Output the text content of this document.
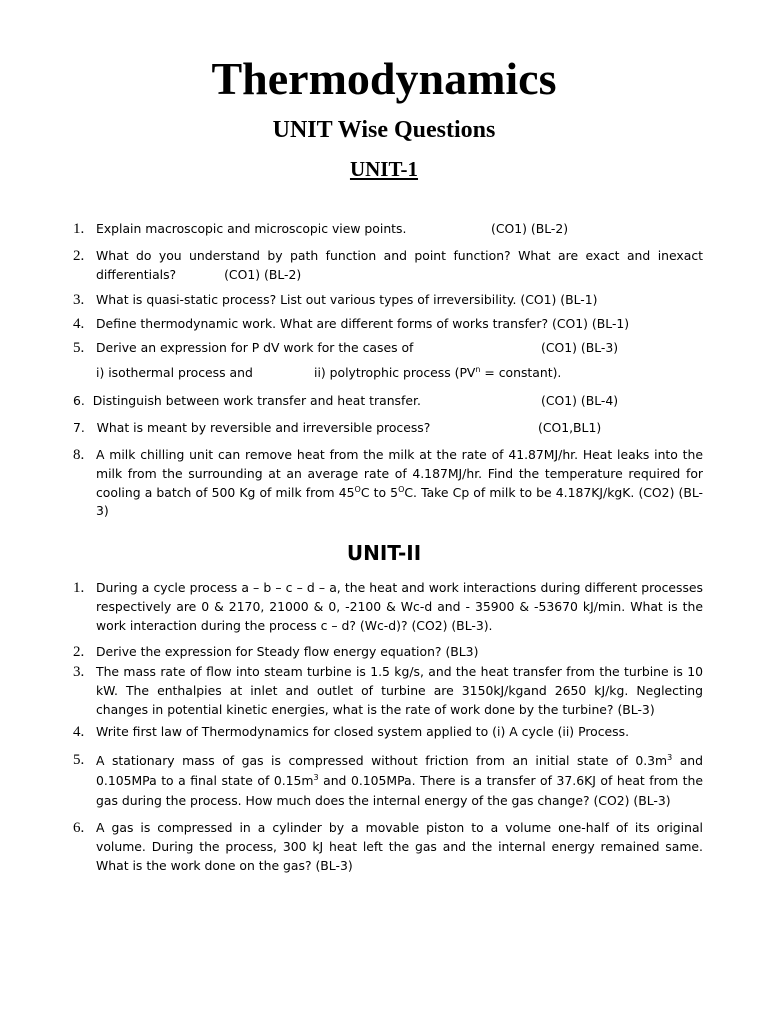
Thermodynamics
UNIT Wise Questions
UNIT-1
1. Explain macroscopic and microscopic view points.	(CO1) (BL-2)
2. What do you understand by path function and point function? What are exact and inexact differentials?	(CO1) (BL-2)
3. What is quasi-static process? List out various types of irreversibility. (CO1) (BL-1)
4. Define thermodynamic work. What are different forms of works transfer? (CO1) (BL-1)
5. Derive an expression for P dV work for the cases of	(CO1) (BL-3)
i) isothermal process and	ii) polytrophic process ($PV^n$ = constant).
6. Distinguish between work transfer and heat transfer.	(CO1) (BL-4)
7. What is meant by reversible and irreversible process?	(CO1,BL1)
8. A milk chilling unit can remove heat from the milk at the rate of 41.87MJ/hr. Heat leaks into the milk from the surrounding at an average rate of 4.187MJ/hr. Find the temperature required for cooling a batch of 500 Kg of milk from $45^OC$ to $5^OC$. Take Cp of milk to be 4.187KJ/kgK. (CO2) (BL-3)
UNIT-II
1. During a cycle process a – b – c – d – a, the heat and work interactions during different processes respectively are 0 & 2170, 21000 & 0, -2100 & Wc-d and - 35900 & -53670 kJ/min. What is the work interaction during the process c – d? (Wc-d)? (CO2) (BL-3).
2. Derive the expression for Steady flow energy equation? (BL3)
3. The mass rate of flow into steam turbine is 1.5 kg/s, and the heat transfer from the turbine is 10 kW. The enthalpies at inlet and outlet of turbine are 3150kJ/kgand 2650 kJ/kg. Neglecting changes in potential kinetic energies, what is the rate of work done by the turbine? (BL-3)
4. Write first law of Thermodynamics for closed system applied to (i) A cycle (ii) Process.
5. A stationary mass of gas is compressed without friction from an initial state of $0.3m^3$ and 0.105MPa to a final state of $0.15m^3$ and 0.105MPa. There is a transfer of 37.6KJ of heat from the gas during the process. How much does the internal energy of the gas change? (CO2) (BL-3)
6. A gas is compressed in a cylinder by a movable piston to a volume one-half of its original volume. During the process, 300 kJ heat left the gas and the internal energy remained same. What is the work done on the gas? (BL-3)
